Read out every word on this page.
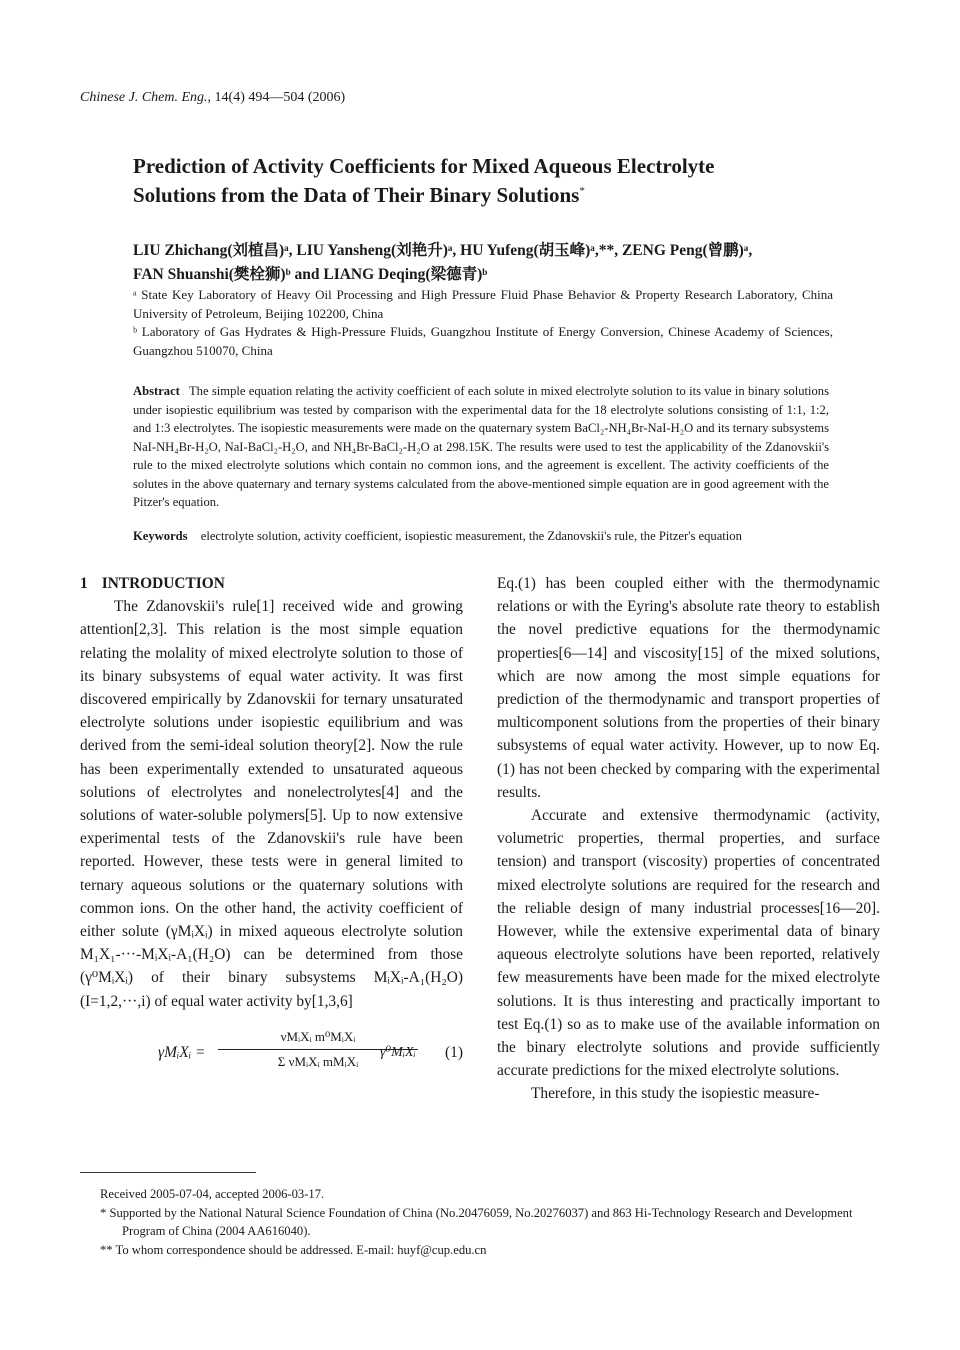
Chinese J. Chem. Eng., 14(4) 494—504 (2006)
Prediction of Activity Coefficients for Mixed Aqueous Electrolyte
Solutions from the Data of Their Binary Solutions*
LIU Zhichang(刘植昌)ᵃ, LIU Yansheng(刘艳升)ᵃ, HU Yufeng(胡玉峰)ᵃ,**, ZENG Peng(曾鹏)ᵃ,
FAN Shuanshi(樊栓狮)ᵇ and LIANG Deqing(梁德青)ᵇ
ᵃ State Key Laboratory of Heavy Oil Processing and High Pressure Fluid Phase Behavior & Property Research Laboratory, China University of Petroleum, Beijing 102200, China
ᵇ Laboratory of Gas Hydrates & High-Pressure Fluids, Guangzhou Institute of Energy Conversion, Chinese Academy of Sciences, Guangzhou 510070, China
Abstract The simple equation relating the activity coefficient of each solute in mixed electrolyte solution to its value in binary solutions under isopiestic equilibrium was tested by comparison with the experimental data for the 18 electrolyte solutions consisting of 1:1, 1:2, and 1:3 electrolytes. The isopiestic measurements were made on the quaternary system BaCl₂-NH₄Br-NaI-H₂O and its ternary subsystems NaI-NH₄Br-H₂O, NaI-BaCl₂-H₂O, and NH₄Br-BaCl₂-H₂O at 298.15K. The results were used to test the applicability of the Zdanovskii's rule to the mixed electrolyte solutions which contain no common ions, and the agreement is excellent. The activity coefficients of the solutes in the above quaternary and ternary systems calculated from the above-mentioned simple equation are in good agreement with the Pitzer's equation.
Keywords electrolyte solution, activity coefficient, isopiestic measurement, the Zdanovskii's rule, the Pitzer's equation

1 INTRODUCTION

The Zdanovskii's rule[1] received wide and growing attention[2,3]. This relation is the most simple equation relating the molality of mixed electrolyte solution to those of its binary subsystems of equal water activity. It was first discovered empirically by Zdanovskii for ternary unsaturated electrolyte solutions under isopiestic equilibrium and was derived from the semi-ideal solution theory[2]. Now the rule has been experimentally extended to unsaturated aqueous solutions of electrolytes and nonelectrolytes[4] and the solutions of water-soluble polymers[5]. Up to now extensive experimental tests of the Zdanovskii's rule have been reported. However, these tests were in general limited to ternary aqueous solutions or the quaternary solutions with common ions. On the other hand, the activity coefficient of either solute (γMᵢXᵢ) in mixed aqueous electrolyte solution M₁X₁-···-MᵢXᵢ-A₁(H₂O) can be determined from those (γ⁰MᵢXᵢ) of their binary subsystems MᵢXᵢ-A₁(H₂O) (I=1,2,···,i) of equal water activity by[1,3,6]

γMᵢXᵢ =
νMᵢXᵢ m⁰MᵢXᵢ
Σ νMᵢXᵢ mMᵢXᵢ
γ⁰MᵢXᵢ (1)

Eq.(1) has been coupled either with the thermodynamic relations or with the Eyring's absolute rate theory to establish the novel predictive equations for the thermodynamic properties[6—14] and viscosity[15] of the mixed solutions, which are now among the most simple equations for prediction of the thermodynamic and transport properties of multicomponent solutions from the properties of their binary subsystems of equal water activity. However, up to now Eq.(1) has not been checked by comparing with the experimental results.

Accurate and extensive thermodynamic (activity, volumetric properties, thermal properties, and surface tension) and transport (viscosity) properties of concentrated mixed electrolyte solutions are required for the research and the reliable design of many industrial processes[16—20]. However, while the extensive experimental data of binary aqueous electrolyte solutions have been reported, relatively few measurements have been made for the mixed electrolyte solutions. It is thus interesting and practically important to test Eq.(1) so as to make use of the available information on the binary electrolyte solutions and provide sufficiently accurate predictions for the mixed electrolyte solutions.

Therefore, in this study the isopiestic measure-

Received 2005-07-04, accepted 2006-03-17.
* Supported by the National Natural Science Foundation of China (No.20476059, No.20276037) and 863 Hi-Technology Research and Development Program of China (2004 AA616040).
** To whom correspondence should be addressed. E-mail: huyf@cup.edu.cn
